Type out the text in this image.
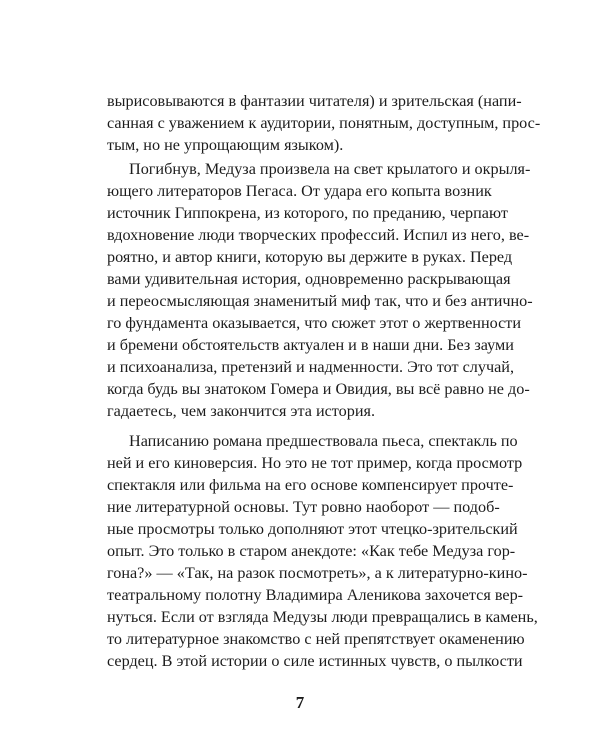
вырисовываются в фантазии читателя) и зрительская (напи-
санная с уважением к аудитории, понятным, доступным, прос-
тым, но не упрощающим языком).
Погибнув, Медуза произвела на свет крылатого и окрыля-
ющего литераторов Пегаса. От удара его копыта возник
источник Гиппокрена, из которого, по преданию, черпают
вдохновение люди творческих профессий. Испил из него, ве-
роятно, и автор книги, которую вы держите в руках. Перед
вами удивительная история, одновременно раскрывающая
и переосмысляющая знаменитый миф так, что и без антично-
го фундамента оказывается, что сюжет этот о жертвенности
и бремени обстоятельств актуален и в наши дни. Без зауми
и психоанализа, претензий и надменности. Это тот случай,
когда будь вы знатоком Гомера и Овидия, вы всё равно не до-
гадаетесь, чем закончится эта история.
Написанию романа предшествовала пьеса, спектакль по
ней и его киноверсия. Но это не тот пример, когда просмотр
спектакля или фильма на его основе компенсирует прочте-
ние литературной основы. Тут ровно наоборот — подоб-
ные просмотры только дополняют этот чтецко-зрительский
опыт. Это только в старом анекдоте: «Как тебе Медуза гор-
гона?» — «Так, на разок посмотреть», а к литературно-кино-
театральному полотну Владимира Аленикова захочется вер-
нуться. Если от взгляда Медузы люди превращались в камень,
то литературное знакомство с ней препятствует окаменению
сердец. В этой истории о силе истинных чувств, о пылкости
7
